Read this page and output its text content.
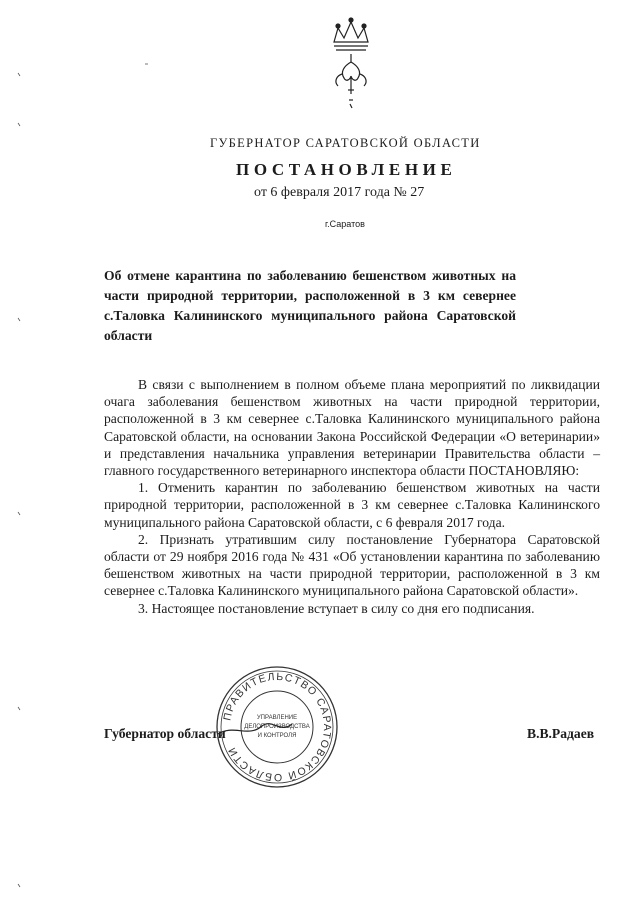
ГУБЕРНАТОР САРАТОВСКОЙ ОБЛАСТИ
ПОСТАНОВЛЕНИЕ
от 6 февраля 2017 года № 27
г.Саратов
Об отмене карантина по заболеванию бешенством животных на части природной территории, расположенной в 3 км севернее с.Таловка Калининского муниципального района Саратовской области

В связи с выполнением в полном объеме плана мероприятий по ликвидации очага заболевания бешенством животных на части природной территории, расположенной в 3 км севернее с.Таловка Калининского муниципального района Саратовской области, на основании Закона Российской Федерации «О ветеринарии» и представления начальника управления ветеринарии Правительства области – главного государственного ветеринарного инспектора области ПОСТАНОВЛЯЮ:

1. Отменить карантин по заболеванию бешенством животных на части природной территории, расположенной в 3 км севернее с.Таловка Калининского муниципального района Саратовской области, с 6 февраля 2017 года.

2. Признать утратившим силу постановление Губернатора Саратовской области от 29 ноября 2016 года № 431 «Об установлении карантина по заболеванию бешенством животных на части природной территории, расположенной в 3 км севернее с.Таловка Калининского муниципального района Саратовской области».

3. Настоящее постановление вступает в силу со дня его подписания.

Губернатор области	В.В.Радаев
ПРАВИТЕЛЬСТВО САРАТОВСКОЙ ОБЛАСТИ
УПРАВЛЕНИЕ
ДЕЛОПРОИЗВОДСТВА
И КОНТРОЛЯ
